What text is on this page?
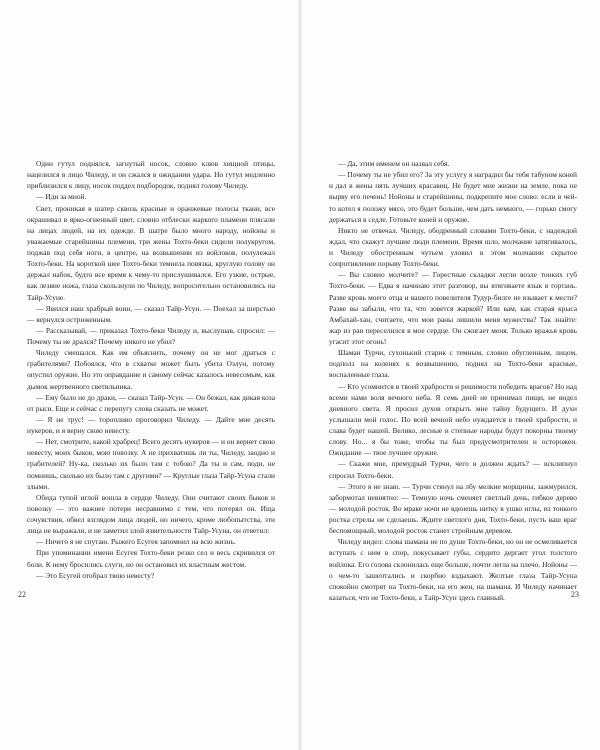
Один гутул поднялся, загнутый носок, словно клюв хищной птицы, нацелился в лицо Чиледу, и он сжался в ожидании удара. Но гутул медленно приблизился к лицу, носок поддел подбородок, поднял голову Чиледу.

— Иди за мной.

Свет, проникая в шатер сквозь красные и оранжевые полосы ткани, все окрашивал в ярко-огненный цвет, словно отблески жаркого пламени плясали на лицах людей, на их одежде. В шатре было много народу, нойоны и уважаемые старейшины племени, три жены Тохто-беки сидели полукругом, поджав под себя ноги, в центре, на возвышении из войлоков, полулежал Тохто-беки. На короткой шее Тохто-беки темнела повязка, круглую голову он держал набок, будто все время к чему-то прислушивался. Его узкие, острые, как лезвие ножа, глаза скользнули по Чиледу, вопросительно остановились на Тайр-Усуне.

— Явился наш храбрый воин, — сказал Тайр-Усун. — Поехал за шерстью — вернулся остриженным.

— Рассказывай, — приказал Тохто-беки Чиледу и, выслушав, спросил: — Почему ты не дрался? Почему никого не убил?

Чиледу смешался. Как им объяснить, почему он не мог драться с грабителями? Побоялся, что в схватке может быть убита Оэлун, потому опустил оружие. Но это оправдание и самому сейчас казалось невесомым, как дымок жертвенного светильника.

— Ему было не до драки, — сказал Тайр-Усун. — Он бежал, как дикая коза от рыси. Еще и сейчас с перепугу слова сказать не может.

— Я не трус! — торопливо проговорил Чиледу. — Дайте мне десять нукеров, и я верну свою невесту.

— Нет, смотрите, какой храбрец! Всего десять нукеров — и он вернет свою невесту, моих быков, мою повозку. А не прихватишь ли ты, Чиледу, заодно и грабителей? Ну-ка, сколько их было там с тобою? Да ты и сам, поди, не помнишь, сколько их было там с другими? — Круглые глаза Тайр-Усуна стали злыми.

Обида тупой иглой вошла в сердце Чиледу. Они считают своих быков и повозку — это важнее потери несравнимо с тем, что потерял он. Ища сочувствия, обвел взглядом лица людей, но ничего, кроме любопытства, эти лица не выражали, и не заметил злой язвительности Тайр-Усуна, он ответил:

— Ничего я не спутаю. Рыжего Есугея запомнил на всю жизнь.

При упоминании имени Есугея Тохто-беки резко сел и весь скривился от боли. К нему бросились слуги, но он остановил их властным жестом.

— Это Есугей отобрал твою невесту?

— Да, этим именем он назвал себя.

— Почему ты не убил его? За эту услугу я наградил бы тебя табуном коней и дал в жены пять лучших красавиц. Не будет мне жизни на земле, пока не вырву его печень! Нойоны и старейшины, подкрепите мое слово: если в чей-то котел я положу мясо, это будет больше, чем дать немного, — горько смогу держаться в седле. Готовьте коней и оружие.

Никто не отвечал. Чиледу, ободренный словами Тохто-беки, с надеждой ждал, что скажут лучшие люди племени. Время шло, молчание затягивалось, и Чиледу обостренным чутьем уловил в этом молчании скрытое сопротивление порыву Тохто-беки.

— Вы словно молчите? — Горестные складки легли возле тонких губ Тохто-беки. — Едва я начинаю этот разговор, вы втягиваете язык в гортань. Разве кровь моего отца и вашего повелителя Тудур-билге не взывает к мести? Разве вы забыли, что та, что зовется жаркой? Или вам, как старая крыса Амбахай-хан, считаете, что мои раны лишили меня мужества? Так знайте: жар из ран переселился в мое сердце. Он сжигает меня. Только вражья кровь угасит этот огонь!

Шаман Турчи, сухонький старик с темным, словно обугленным, лицом, подполз на коленях к возвышению, поднял на Тохто-беки красные, воспаленные глаза.

— Кто усомнится в твоей храбрости и решимости победить врагов? Но над всеми нами воля вечного неба. Я семь дней не принимал пищи, не видел дневного света. Я просил духов открыть мне тайну будущего. И духи услышали мой голос. По всей вечной небо нуждается в твоей храбрости, и слава будет нашей. Велико, лесные и степные народы будут покорны твоему слову. Но... я бы тоже, чтобы ты был предусмотрителен и осторожен. Ожидание — твое лучшее оружие.

— Скажи мне, премудрый Турчи, чего я должен ждать? — всклипнул спросил Тохто-беки.

— Этого я не знаю. — Турчи стянул на лбу мелкие морщины, зажмурился, забормотал невнятно: — Темную ночь сменяет светлый день, гибкое дерево — молодой росток. Во мраке ночи не вденешь нитку в ушко иглы, из тонкого ростка стрелы не сделаешь. Ждите светлого дня, Тохто-беки, пусть ваш враг беспомощный, молодой росток станет стройным деревом.

Чиледу видел: слова шамана не по душе Тохто-беки, но он не осмеливается вступать с ним в спор, покусывает губы, сердито дергает угол толстого войлока. Его голова склонилась еще больше, почти легла на плечо. Нойоны — о чем-то зашептались и скорбно вздыхают. Желтые глаза Тайр-Усуна спокойно смотрят на Тохто-беки, на его жен, на шамана. И Чиледу начинает казаться, что не Тохто-беки, а Тайр-Усун здесь главный.

22	23
